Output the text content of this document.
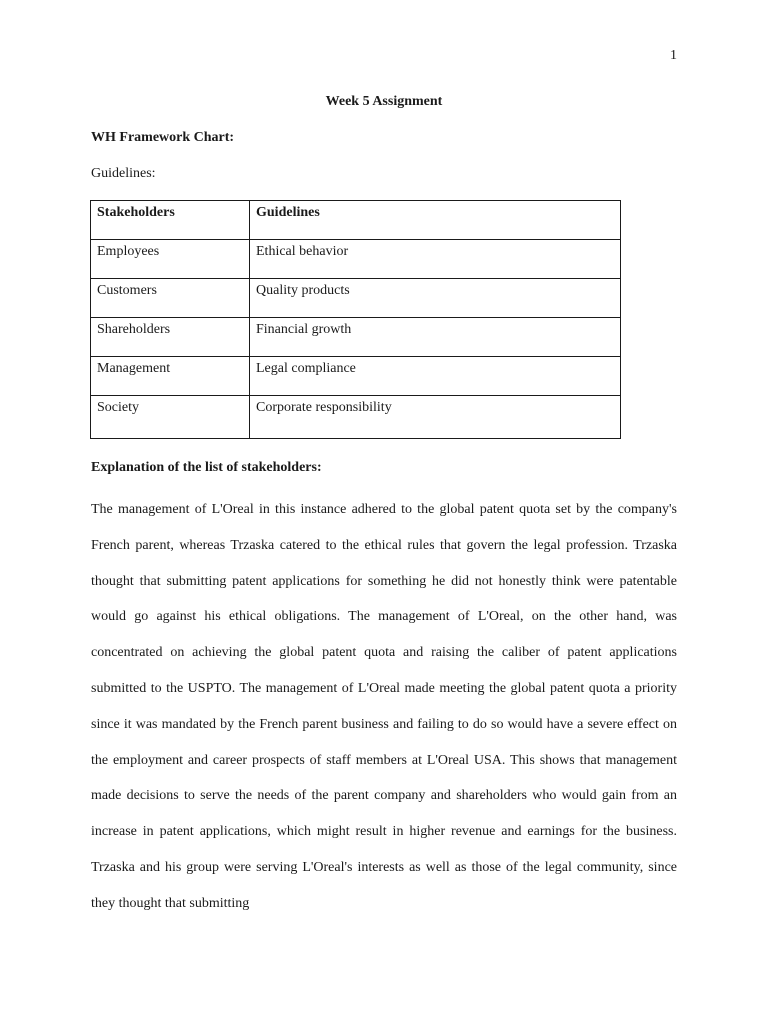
1
Week 5 Assignment
WH Framework Chart:
Guidelines:
Stakeholders	Guidelines
Employees	Ethical behavior
Customers	Quality products
Shareholders	Financial growth
Management	Legal compliance
Society	Corporate responsibility
Explanation of the list of stakeholders:

The management of L'Oreal in this instance adhered to the global patent quota set by the company's French parent, whereas Trzaska catered to the ethical rules that govern the legal profession. Trzaska thought that submitting patent applications for something he did not honestly think were patentable would go against his ethical obligations. The management of L'Oreal, on the other hand, was concentrated on achieving the global patent quota and raising the caliber of patent applications submitted to the USPTO. The management of L'Oreal made meeting the global patent quota a priority since it was mandated by the French parent business and failing to do so would have a severe effect on the employment and career prospects of staff members at L'Oreal USA. This shows that management made decisions to serve the needs of the parent company and shareholders who would gain from an increase in patent applications, which might result in higher revenue and earnings for the business. Trzaska and his group were serving L'Oreal's interests as well as those of the legal community, since they thought that submitting
